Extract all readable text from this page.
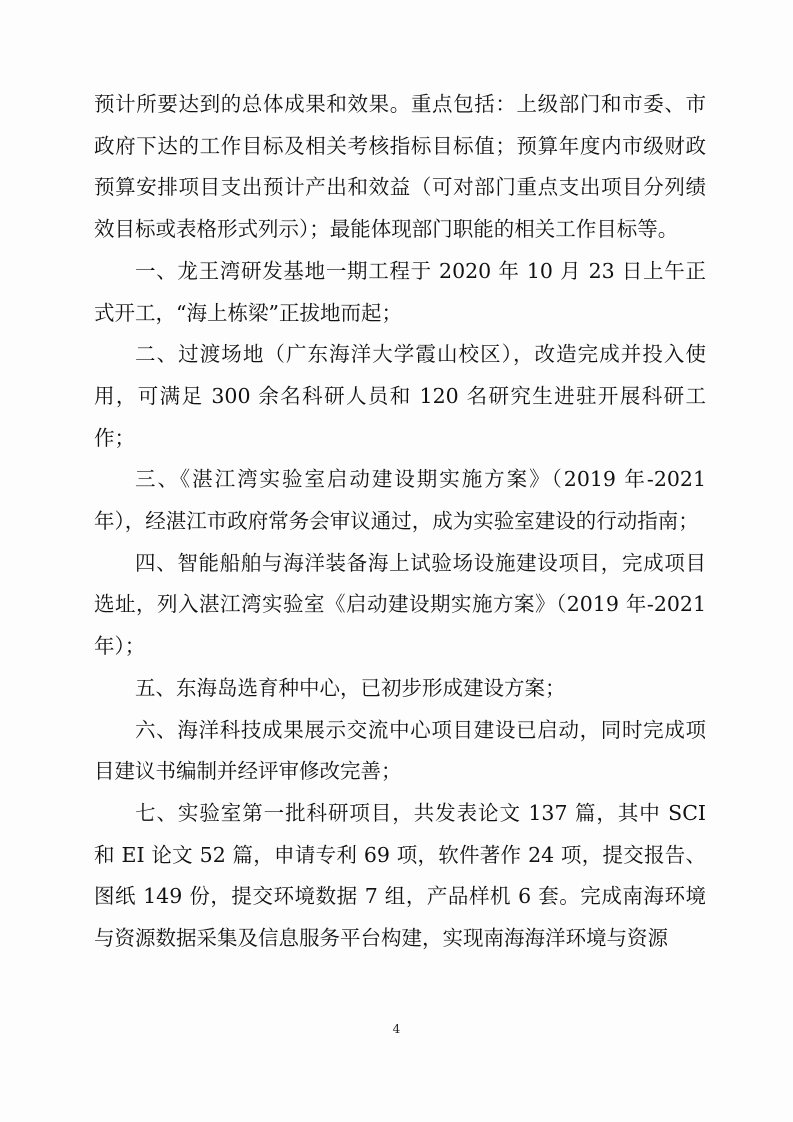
预计所要达到的总体成果和效果。重点包括：上级部门和市委、市政府下达的工作目标及相关考核指标目标值；预算年度内市级财政预算安排项目支出预计产出和效益（可对部门重点支出项目分列绩效目标或表格形式列示）；最能体现部门职能的相关工作目标等。

一、龙王湾研发基地一期工程于 2020 年 10 月 23 日上午正式开工，“海上栋梁”正拔地而起；

二、过渡场地（广东海洋大学霞山校区），改造完成并投入使用，可满足 300 余名科研人员和 120 名研究生进驻开展科研工作；

三、《湛江湾实验室启动建设期实施方案》（2019 年-2021 年），经湛江市政府常务会审议通过，成为实验室建设的行动指南；

四、智能船舶与海洋装备海上试验场设施建设项目，完成项目选址，列入湛江湾实验室《启动建设期实施方案》（2019 年-2021 年）；

五、东海岛选育种中心，已初步形成建设方案；

六、海洋科技成果展示交流中心项目建设已启动，同时完成项目建议书编制并经评审修改完善；

七、实验室第一批科研项目，共发表论文 137 篇，其中 SCI 和 EI 论文 52 篇，申请专利 69 项，软件著作 24 项，提交报告、图纸 149 份，提交环境数据 7 组，产品样机 6 套。完成南海环境与资源数据采集及信息服务平台构建，实现南海海洋环境与资源

4
